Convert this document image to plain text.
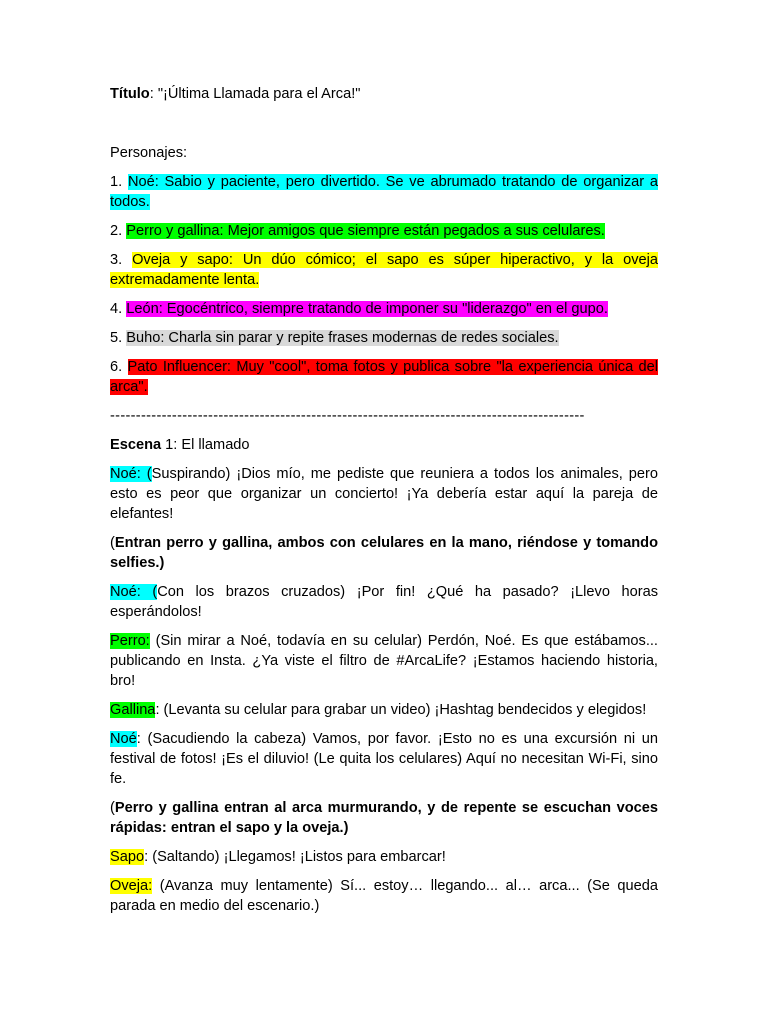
Título: "¡Última Llamada para el Arca!"

Personajes:

1. Noé: Sabio y paciente, pero divertido. Se ve abrumado tratando de organizar a todos.

2. Perro y gallina: Mejor amigos que siempre están pegados a sus celulares.

3. Oveja y sapo: Un dúo cómico; el sapo es súper hiperactivo, y la oveja extremadamente lenta.

4. León: Egocéntrico, siempre tratando de imponer su "liderazgo" en el gupo.

5. Buho: Charla sin parar y repite frases modernas de redes sociales.

6. Pato Influencer: Muy "cool", toma fotos y publica sobre "la experiencia única del arca".

--------------------------------------------------------------------------------------------

Escena 1: El llamado

Noé: (Suspirando) ¡Dios mío, me pediste que reuniera a todos los animales, pero esto es peor que organizar un concierto! ¡Ya debería estar aquí la pareja de elefantes!

(Entran perro y gallina, ambos con celulares en la mano, riéndose y tomando selfies.)

Noé: (Con los brazos cruzados) ¡Por fin! ¿Qué ha pasado? ¡Llevo horas esperándolos!

Perro: (Sin mirar a Noé, todavía en su celular) Perdón, Noé. Es que estábamos... publicando en Insta. ¿Ya viste el filtro de #ArcaLife? ¡Estamos haciendo historia, bro!

Gallina: (Levanta su celular para grabar un video) ¡Hashtag bendecidos y elegidos!

Noé: (Sacudiendo la cabeza) Vamos, por favor. ¡Esto no es una excursión ni un festival de fotos! ¡Es el diluvio! (Le quita los celulares) Aquí no necesitan Wi-Fi, sino fe.

(Perro y gallina entran al arca murmurando, y de repente se escuchan voces rápidas: entran el sapo y la oveja.)

Sapo: (Saltando) ¡Llegamos! ¡Listos para embarcar!

Oveja: (Avanza muy lentamente) Sí... estoy… llegando... al… arca... (Se queda parada en medio del escenario.)
